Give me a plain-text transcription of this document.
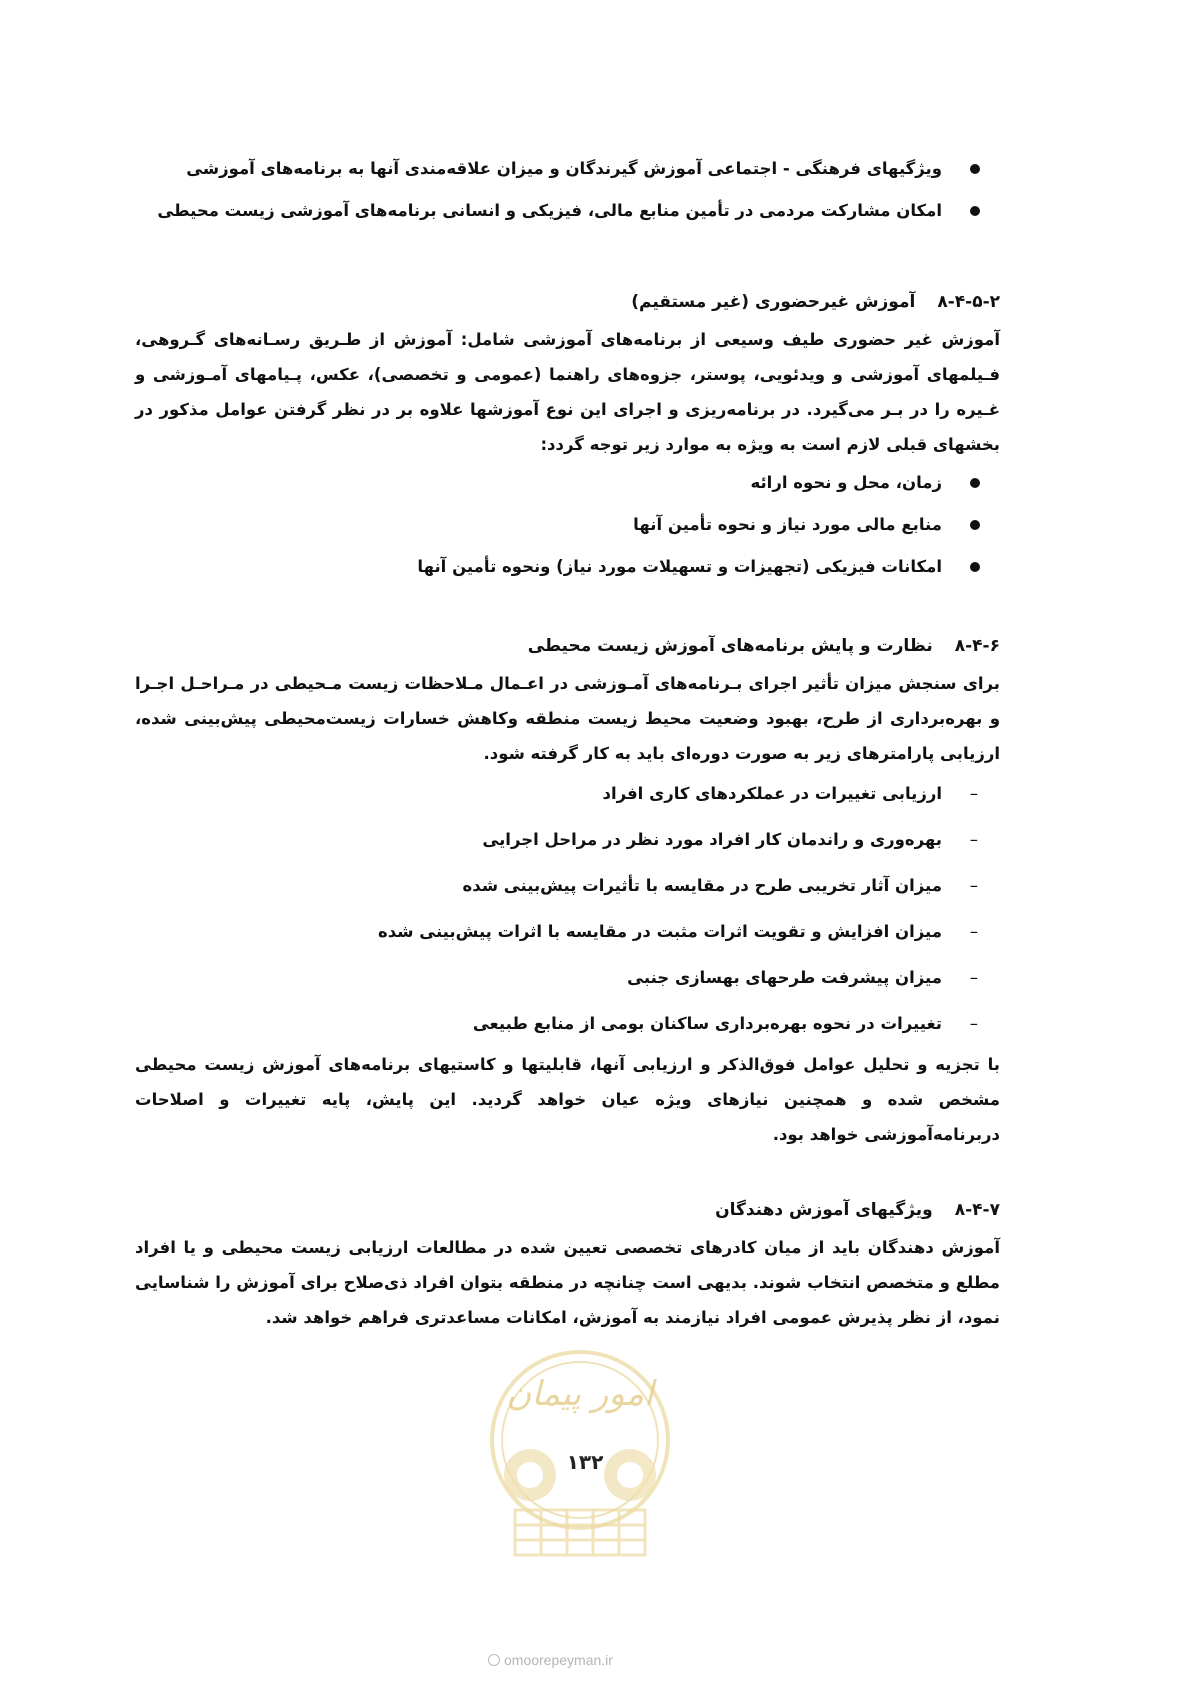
ویژگیهای فرهنگی - اجتماعی آموزش گیرندگان و میزان علاقه‌مندی آنها به برنامه‌های آموزشی
امکان مشارکت مردمی در تأمین منابع مالی، فیزیکی و انسانی برنامه‌های آموزشی زیست محیطی
۸-۴-۵-۲آموزش غیرحضوری (غیر مستقیم)

آموزش غیر حضوری طیف وسیعی از برنامه‌های آموزشی شامل: آموزش از طـریق رسـانه‌های گـروهی، فـیلمهای آموزشی و ویدئویی، پوستر، جزوه‌های راهنما (عمومی و تخصصی)، عکس، پـیامهای آمـوزشی و غـیره را در بـر می‌گیرد. در برنامه‌ریزی و اجرای این نوع آموزشها علاوه بر در نظر گرفتن عوامل مذکور در بخشهای قبلی لازم است به ویژه به موارد زیر توجه گردد:

زمان، محل و نحوه ارائه
منابع مالی مورد نیاز و نحوه تأمین آنها
امکانات فیزیکی (تجهیزات و تسهیلات مورد نیاز) ونحوه تأمین آنها
۸-۴-۶نظارت و پایش برنامه‌های آموزش زیست محیطی

برای سنجش میزان تأثیر اجرای بـرنامه‌های آمـوزشی در اعـمال مـلاحظات زیست مـحیطی در مـراحـل اجـرا و بهره‌برداری از طرح، بهبود وضعیت محیط زیست منطقه وکاهش خسارات زیست‌محیطی پیش‌بینی شده، ارزیابی پارامترهای زیر به صورت دوره‌ای باید به کار گرفته شود.

–
ارزیابی تغییرات در عملکردهای کاری افراد
–
بهره‌وری و راندمان کار افراد مورد نظر در مراحل اجرایی
–
میزان آثار تخریبی طرح در مقایسه با تأثیرات پیش‌بینی شده
–
میزان افزایش و تقویت اثرات مثبت در مقایسه با اثرات پیش‌بینی شده
–
میزان پیشرفت طرحهای بهسازی جنبی
–
تغییرات در نحوه بهره‌برداری ساکنان بومی از منابع طبیعی

با تجزیه و تحلیل عوامل فوق‌الذکر و ارزیابی آنها، قابلیتها و کاستیهای برنامه‌های آموزش زیست محیطی مشخص شده و همچنین نیازهای ویژه عیان خواهد گردید. این پایش، پایه تغییرات و اصلاحات دربرنامه‌آموزشی خواهد بود.

۸-۴-۷ویژگیهای آموزش دهندگان

آموزش دهندگان باید از میان کادرهای تخصصی تعیین شده در مطالعات ارزیابی زیست محیطی و یا افراد مطلع و متخصص انتخاب شوند. بدیهی است چنانچه در منطقه بتوان افراد ذی‌صلاح برای آموزش را شناسایی نمود، از نظر پذیرش عمومی افراد نیازمند به آموزش، امکانات مساعدتری فراهم خواهد شد.

امور پیمان
۱۳۲
omoorepeyman.ir
